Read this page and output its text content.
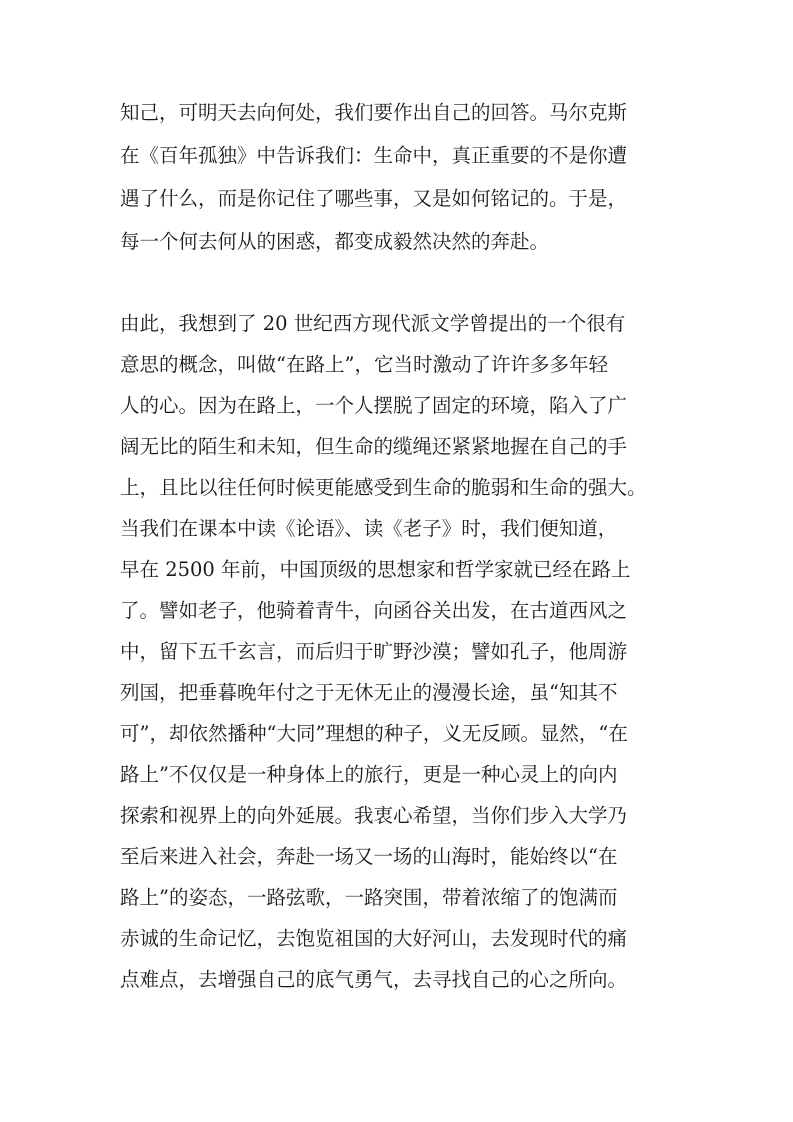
知己，可明天去向何处，我们要作出自己的回答。马尔克斯
在《百年孤独》中告诉我们：生命中，真正重要的不是你遭
遇了什么，而是你记住了哪些事，又是如何铭记的。于是，
每一个何去何从的困惑，都变成毅然决然的奔赴。
由此，我想到了 20 世纪西方现代派文学曾提出的一个很有
意思的概念，叫做“在路上”，它当时激动了许许多多年轻
人的心。因为在路上，一个人摆脱了固定的环境，陷入了广
阔无比的陌生和未知，但生命的缆绳还紧紧地握在自己的手
上，且比以往任何时候更能感受到生命的脆弱和生命的强大。
当我们在课本中读《论语》、读《老子》时，我们便知道，
早在 2500 年前，中国顶级的思想家和哲学家就已经在路上
了。譬如老子，他骑着青牛，向函谷关出发，在古道西风之
中，留下五千玄言，而后归于旷野沙漠；譬如孔子，他周游
列国，把垂暮晚年付之于无休无止的漫漫长途，虽“知其不
可”，却依然播种“大同”理想的种子，义无反顾。显然，“在
路上”不仅仅是一种身体上的旅行，更是一种心灵上的向内
探索和视界上的向外延展。我衷心希望，当你们步入大学乃
至后来进入社会，奔赴一场又一场的山海时，能始终以“在
路上”的姿态，一路弦歌，一路突围，带着浓缩了的饱满而
赤诚的生命记忆，去饱览祖国的大好河山，去发现时代的痛
点难点，去增强自己的底气勇气，去寻找自己的心之所向。
